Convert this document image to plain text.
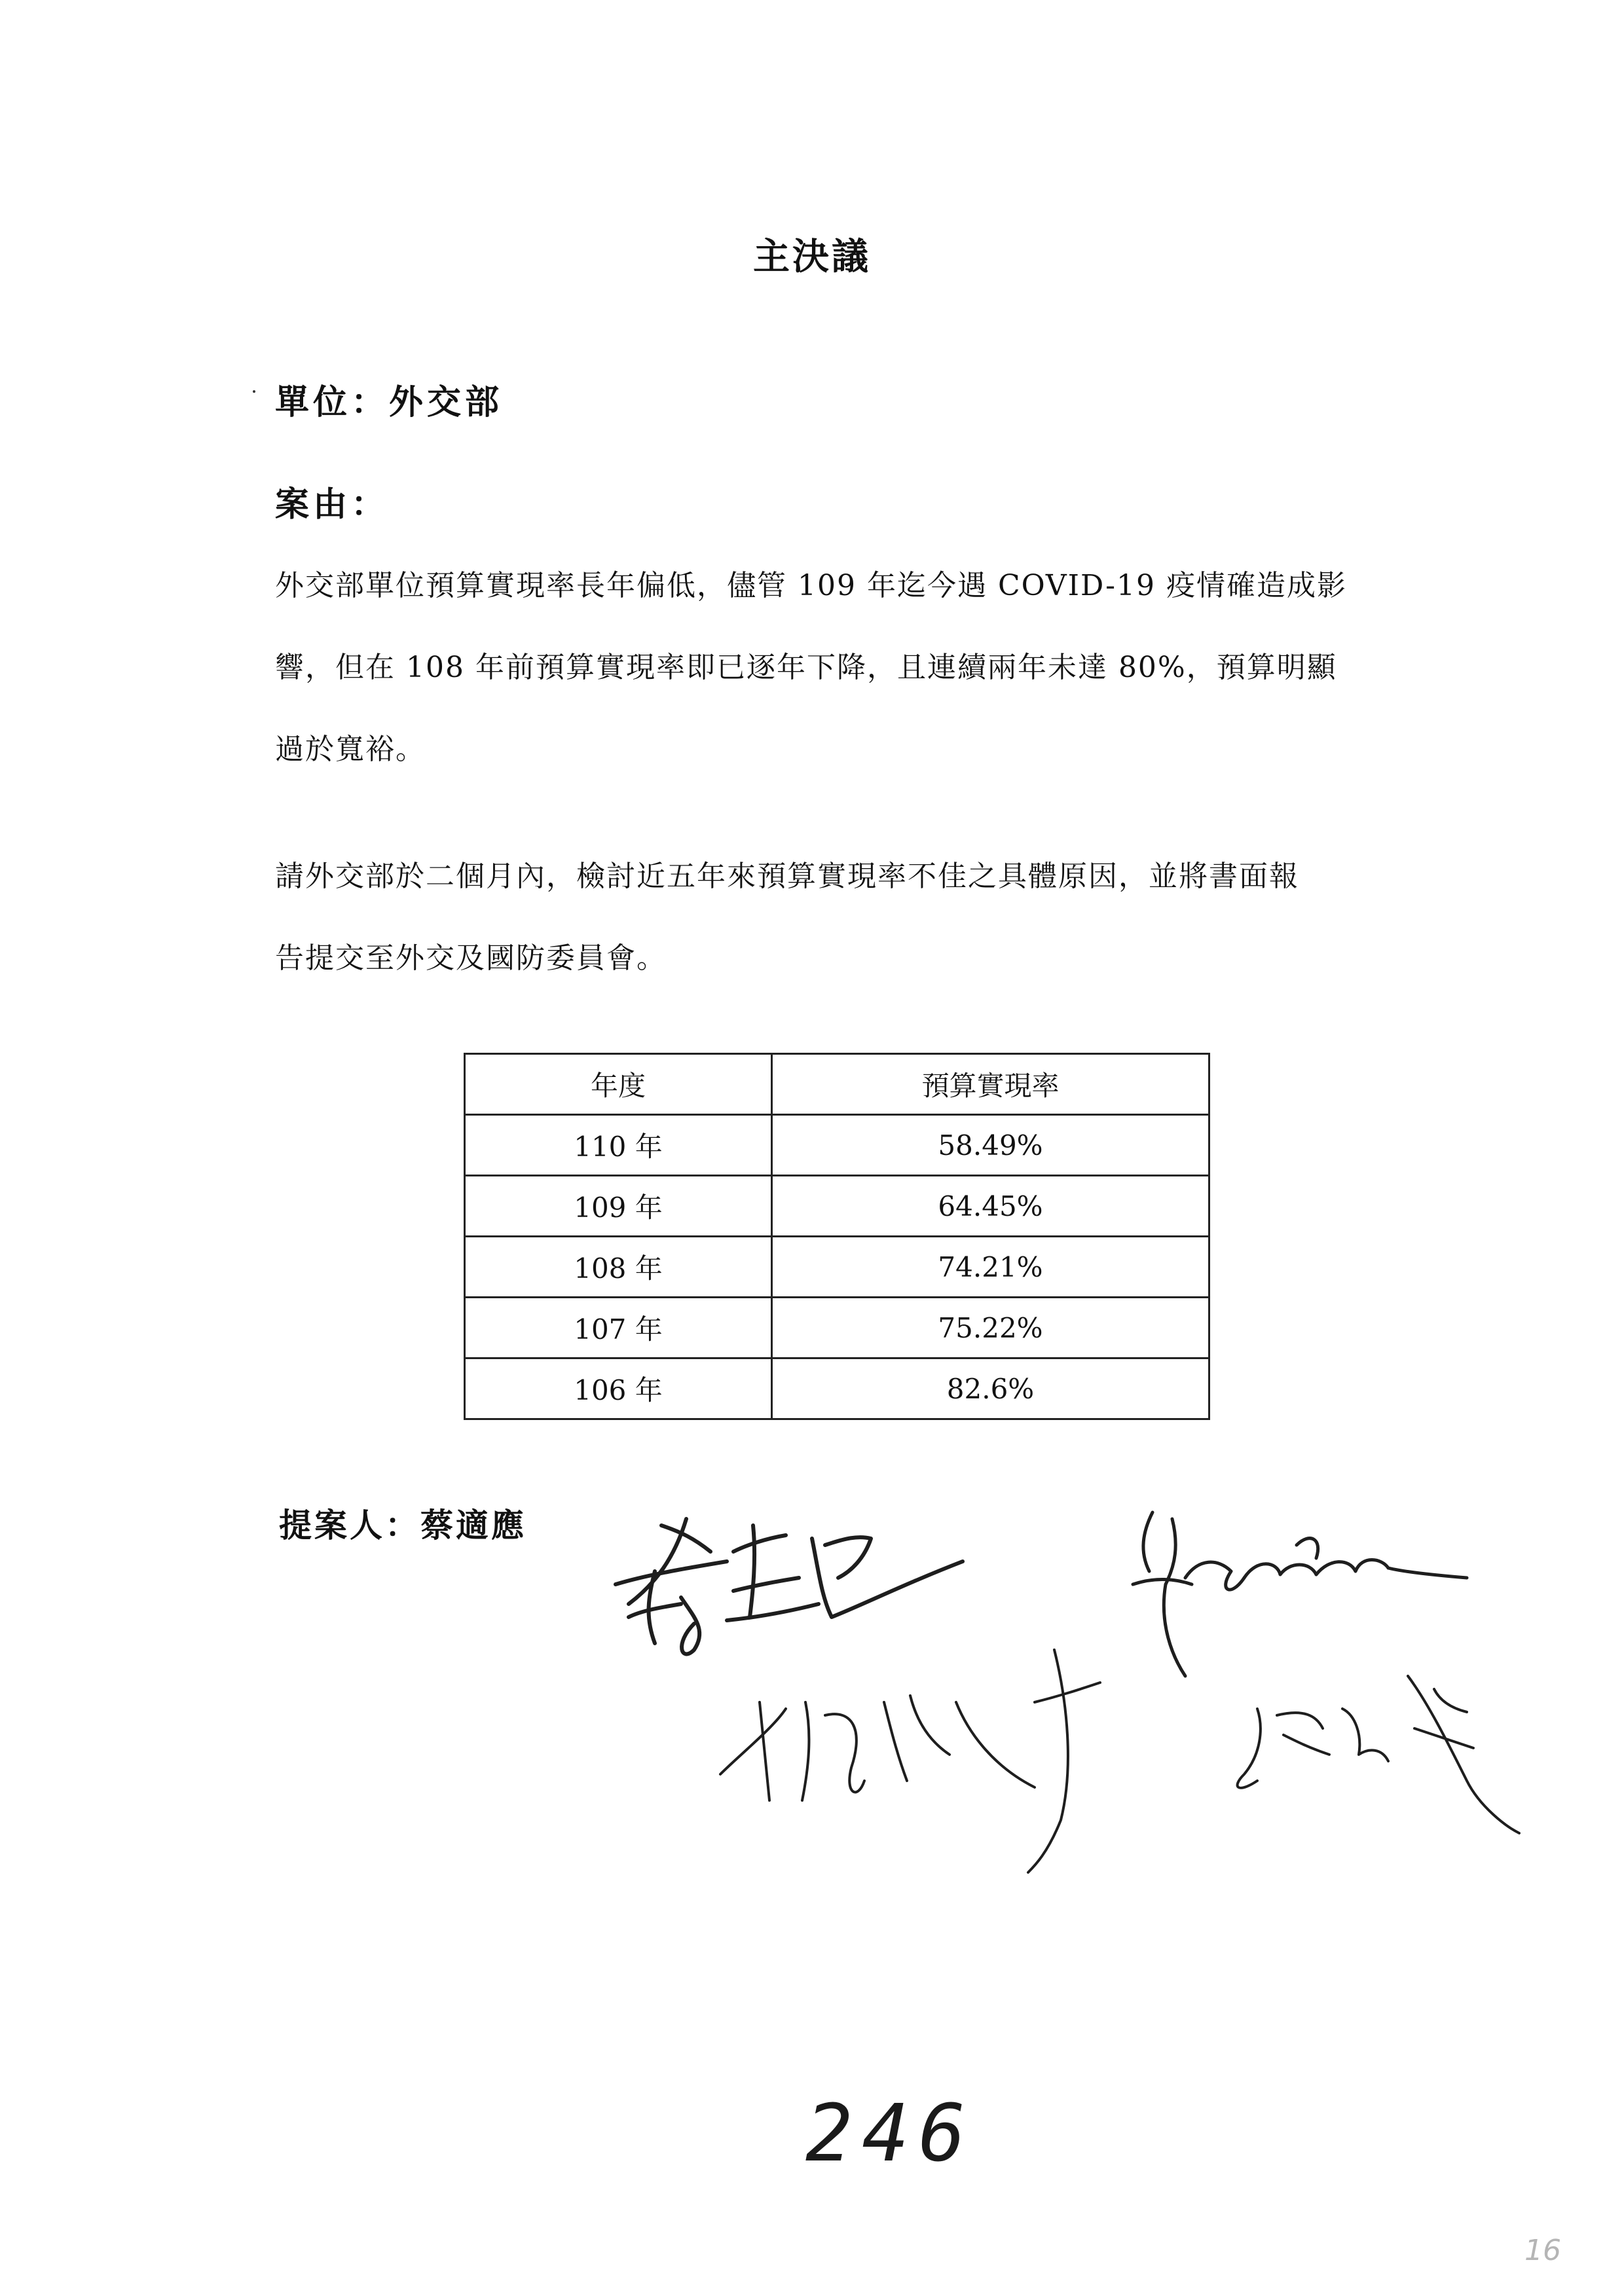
主決議
單位：外交部
案由：
外交部單位預算實現率長年偏低，儘管 109 年迄今遇 COVID-19 疫情確造成影
響，但在 108 年前預算實現率即已逐年下降，且連續兩年未達 80%，預算明顯
過於寬裕。
請外交部於二個月內，檢討近五年來預算實現率不佳之具體原因，並將書面報
告提交至外交及國防委員會。
年度	預算實現率
110 年	58.49%
109 年	64.45%
108 年	74.21%
107 年	75.22%
106 年	82.6%
提案人：蔡適應
246
16
